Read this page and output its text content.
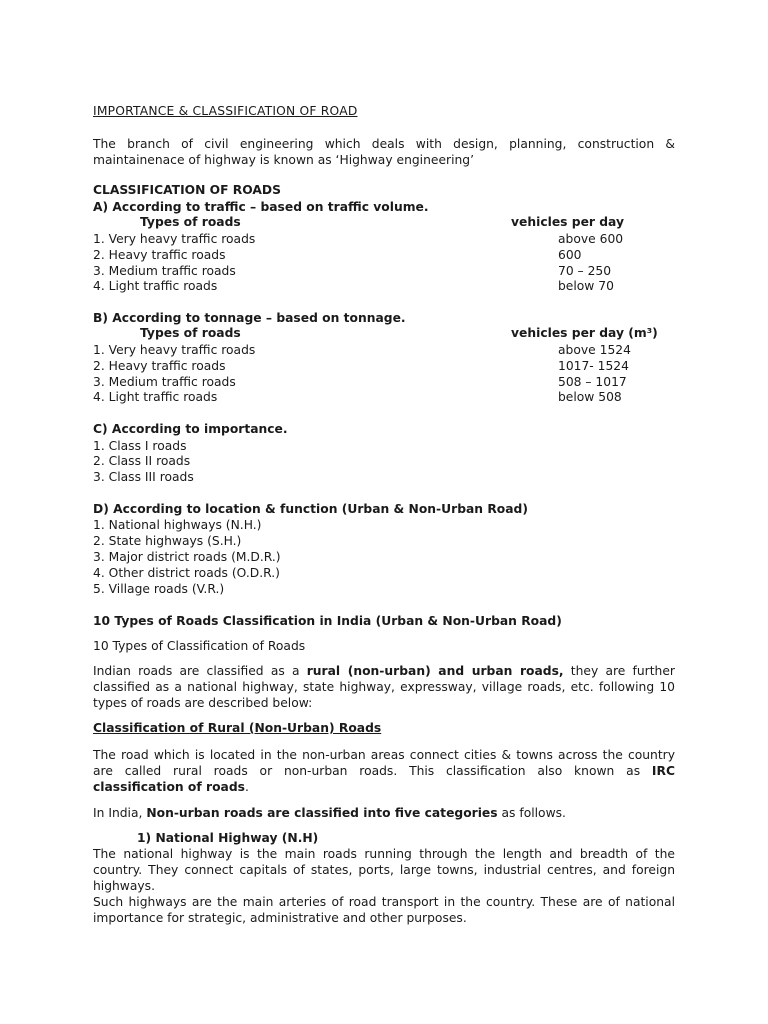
IMPORTANCE & CLASSIFICATION OF ROAD
The branch of civil engineering which deals with design, planning, construction & maintainenace of highway is known as ‘Highway engineering’
CLASSIFICATION OF ROADS
A) According to traffic – based on traffic volume.
Types of roads	vehicles per day
1. Very heavy traffic roads	above 600
2. Heavy traffic roads	600
3. Medium traffic roads	70 – 250
4. Light traffic roads	below 70
B) According to tonnage – based on tonnage.
Types of roads	vehicles per day (m³)
1. Very heavy traffic roads	above 1524
2. Heavy traffic roads	1017- 1524
3. Medium traffic roads	508 – 1017
4. Light traffic roads	below 508
C) According to importance.
1. Class I roads
2. Class II roads
3. Class III roads
D) According to location & function (Urban & Non-Urban Road)
1. National highways (N.H.)
2. State highways (S.H.)
3. Major district roads (M.D.R.)
4. Other district roads (O.D.R.)
5. Village roads (V.R.)
10 Types of Roads Classification in India (Urban & Non-Urban Road)
10 Types of Classification of Roads
Indian roads are classified as a rural (non-urban) and urban roads, they are further classified as a national highway, state highway, expressway, village roads, etc. following 10 types of roads are described below:
Classification of Rural (Non-Urban) Roads
The road which is located in the non-urban areas connect cities & towns across the country are called rural roads or non-urban roads. This classification also known as IRC classification of roads.
In India, Non-urban roads are classified into five categories as follows.
1) National Highway (N.H)
The national highway is the main roads running through the length and breadth of the country. They connect capitals of states, ports, large towns, industrial centres, and foreign highways.
Such highways are the main arteries of road transport in the country. These are of national importance for strategic, administrative and other purposes.
